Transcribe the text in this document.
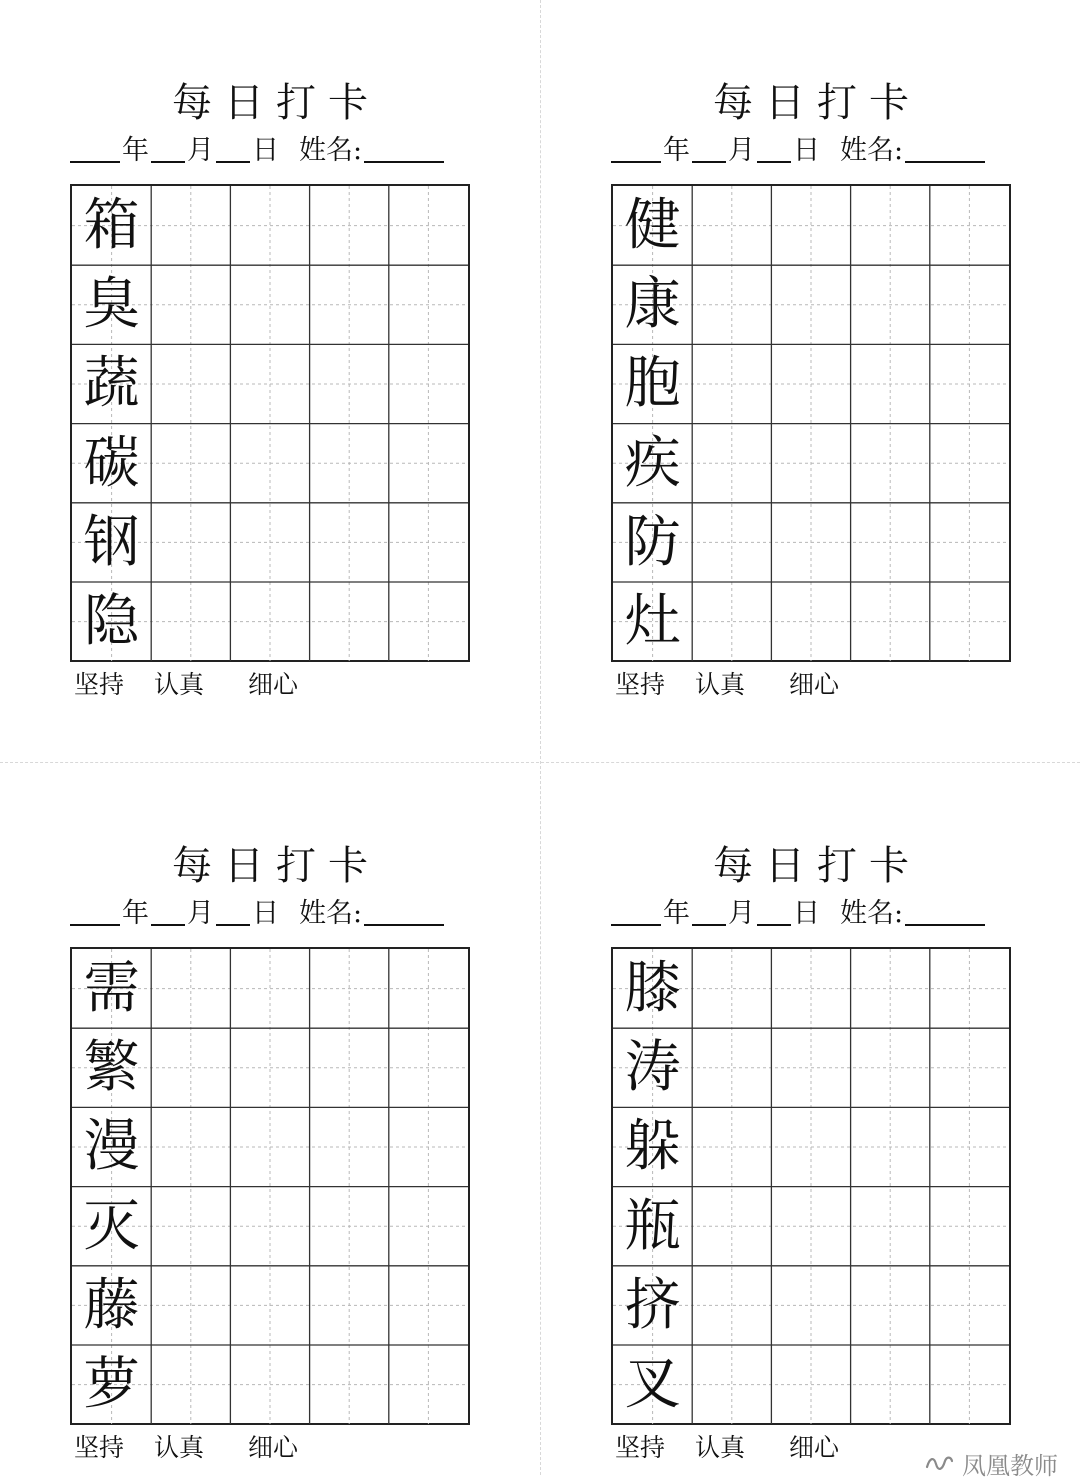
每日打卡
年 月 日 姓名:
箱
臭
蔬
碳
钢
隐
坚持 认真 细心
每日打卡
年 月 日 姓名:
健
康
胞
疾
防
灶
坚持 认真 细心
每日打卡
年 月 日 姓名:
需
繁
漫
灭
藤
萝
坚持 认真 细心
每日打卡
年 月 日 姓名:
膝
涛
躲
瓶
挤
叉
坚持 认真 细心
凤凰教师
